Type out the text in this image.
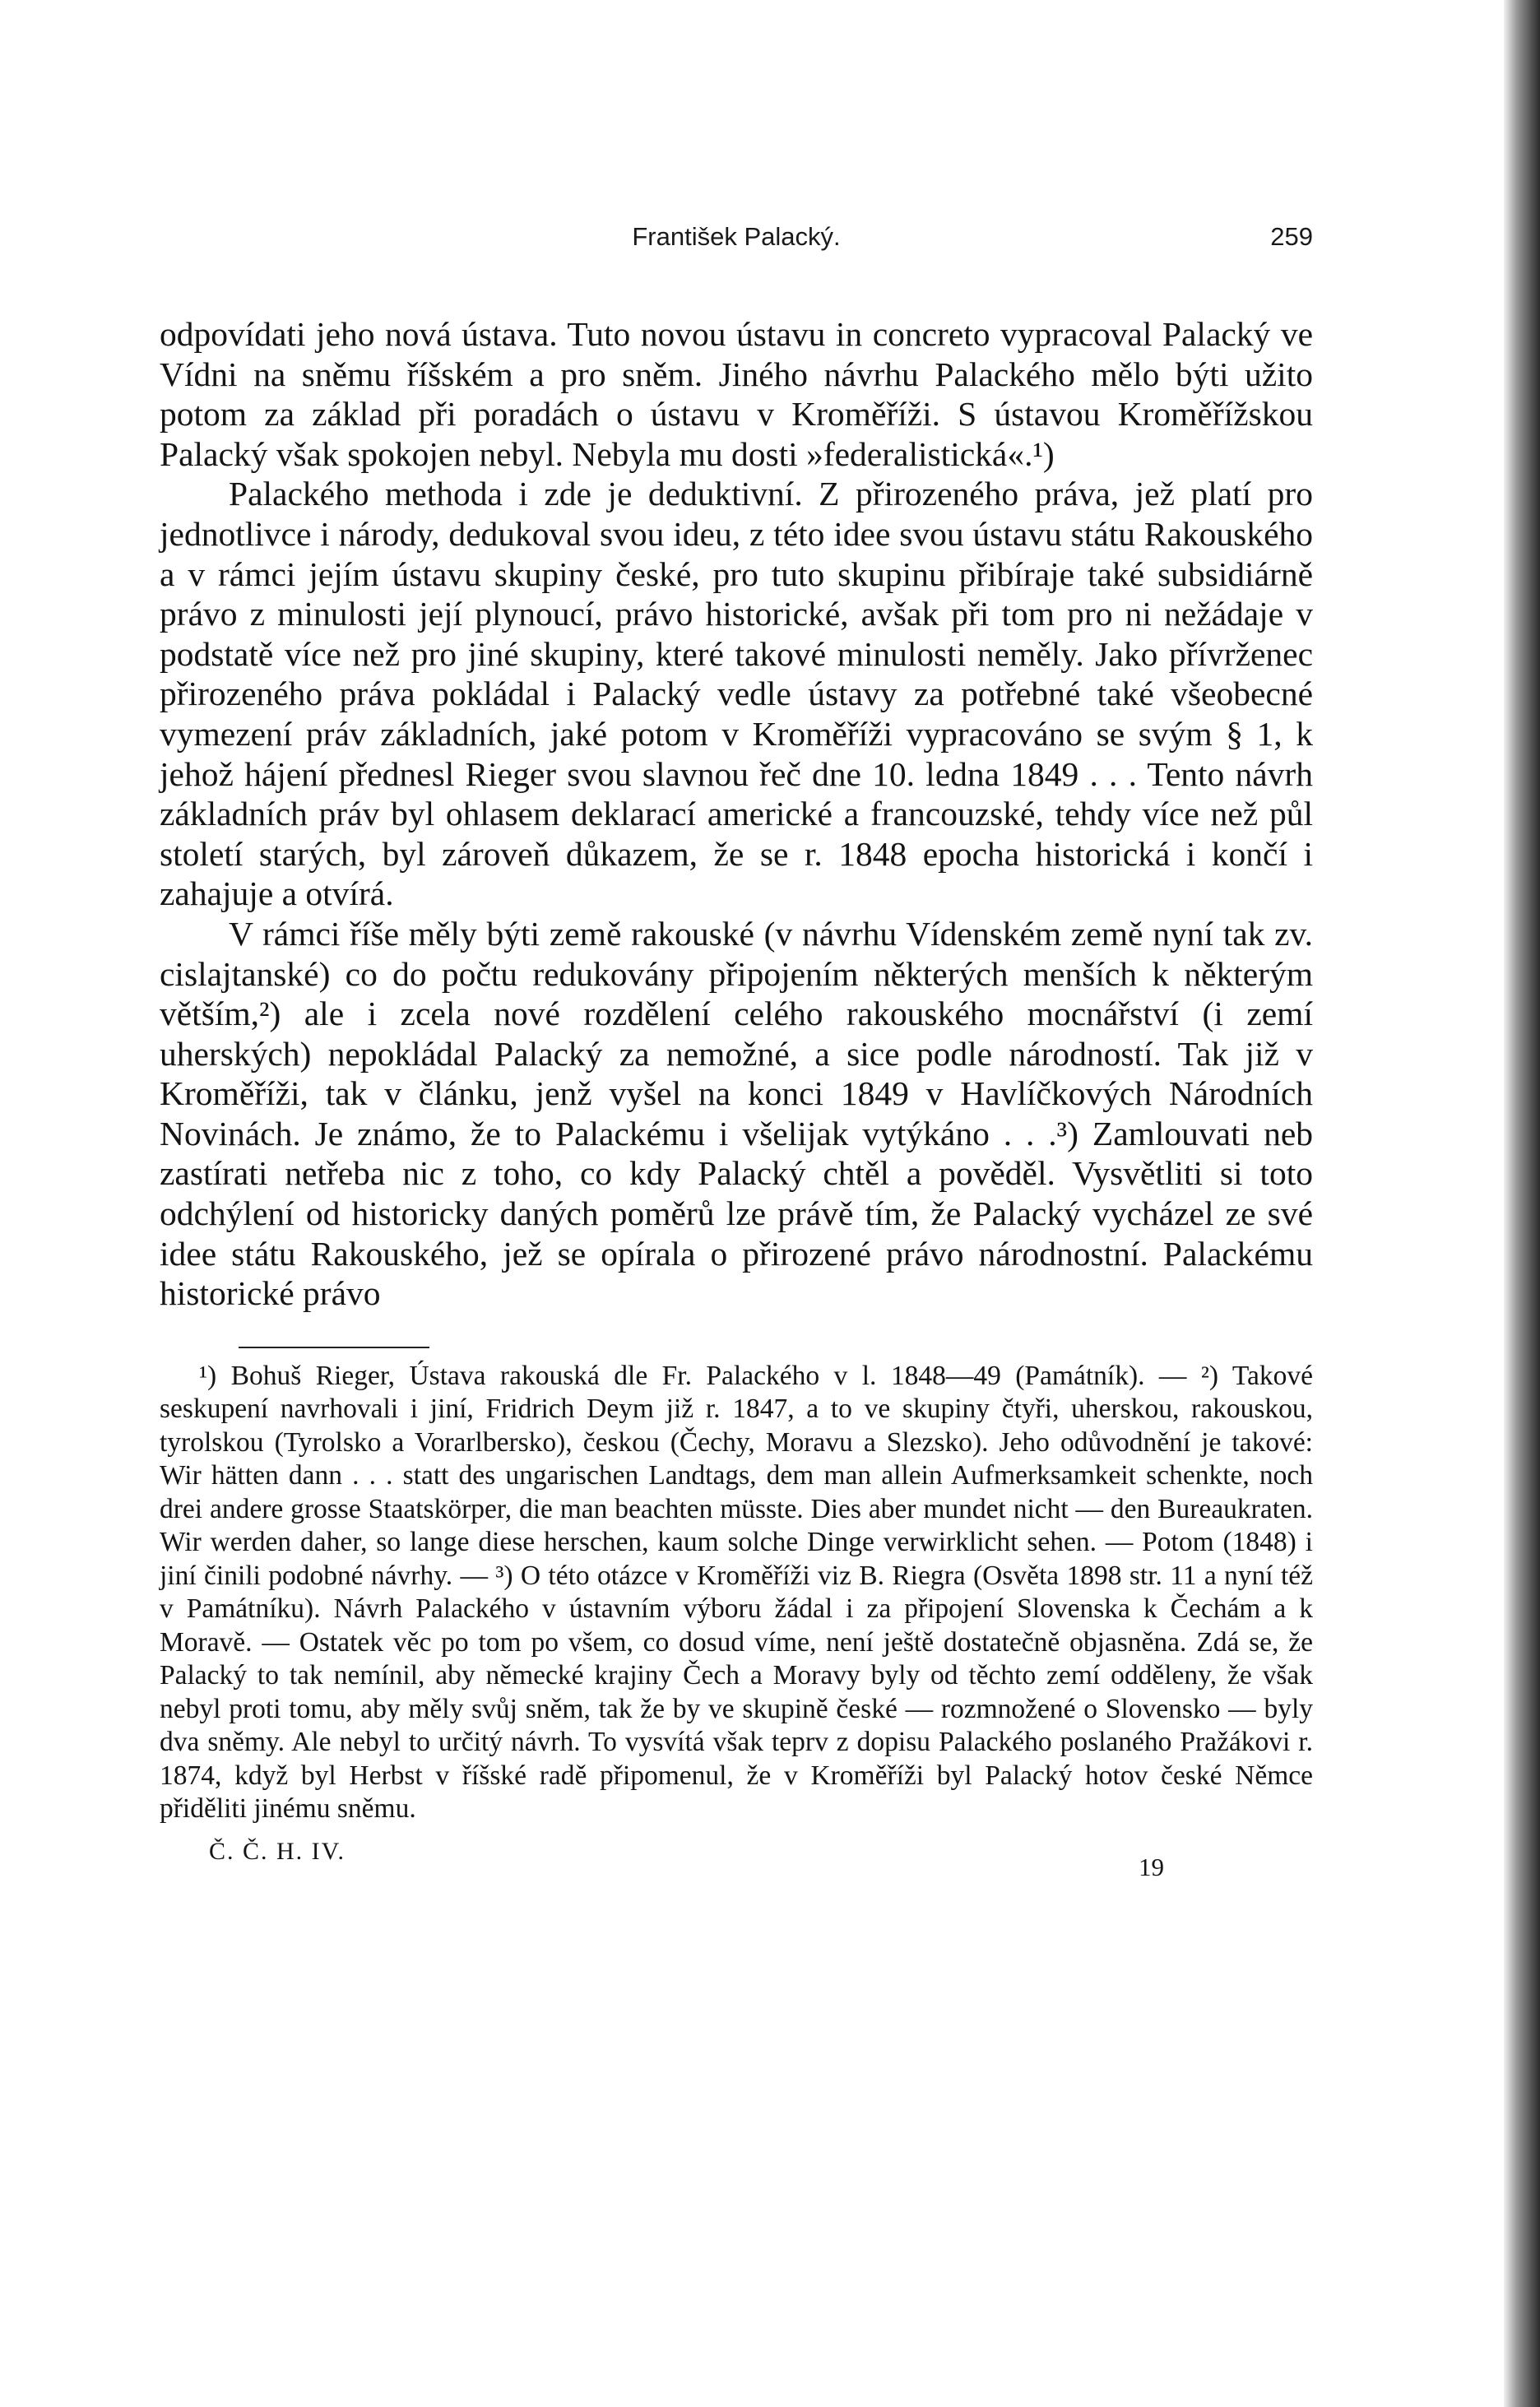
František Palacký.	259

odpovídati jeho nová ústava. Tuto novou ústavu in concreto vypracoval Palacký ve Vídni na sněmu říšském a pro sněm. Jiného návrhu Palackého mělo býti užito potom za základ při poradách o ústavu v Kroměříži. S ústavou Kroměřížskou Palacký však spokojen nebyl. Nebyla mu dosti »federalistická«.¹)

Palackého methoda i zde je deduktivní. Z přirozeného práva, jež platí pro jednotlivce i národy, dedukoval svou ideu, z této idee svou ústavu státu Rakouského a v rámci jejím ústavu skupiny české, pro tuto skupinu přibíraje také subsidiárně právo z minulosti její plynoucí, právo historické, avšak při tom pro ni nežádaje v podstatě více než pro jiné skupiny, které takové minulosti neměly. Jako přívrženec přirozeného práva pokládal i Palacký vedle ústavy za potřebné také všeobecné vymezení práv základních, jaké potom v Kroměříži vypracováno se svým § 1, k jehož hájení přednesl Rieger svou slavnou řeč dne 10. ledna 1849 . . . Tento návrh základních práv byl ohlasem deklarací americké a francouzské, tehdy více než půl století starých, byl zároveň důkazem, že se r. 1848 epocha historická i končí i zahajuje a otvírá.

V rámci říše měly býti země rakouské (v návrhu Vídenském země nyní tak zv. cislajtanské) co do počtu redukovány připojením některých menších k některým větším,²) ale i zcela nové rozdělení celého rakouského mocnářství (i zemí uherských) nepokládal Palacký za nemožné, a sice podle národností. Tak již v Kroměříži, tak v článku, jenž vyšel na konci 1849 v Havlíčkových Národních Novinách. Je známo, že to Palackému i všelijak vytýkáno . . .³) Zamlouvati neb zastírati netřeba nic z toho, co kdy Palacký chtěl a pověděl. Vysvětliti si toto odchýlení od historicky daných poměrů lze právě tím, že Palacký vycházel ze své idee státu Rakouského, jež se opírala o přirozené právo národnostní. Palackému historické právo

¹) Bohuš Rieger, Ústava rakouská dle Fr. Palackého v l. 1848—49 (Památník). — ²) Takové seskupení navrhovali i jiní, Fridrich Deym již r. 1847, a to ve skupiny čtyři, uherskou, rakouskou, tyrolskou (Tyrolsko a Vorarlbersko), českou (Čechy, Moravu a Slezsko). Jeho odůvodnění je takové: Wir hätten dann . . . statt des ungarischen Landtags, dem man allein Aufmerksamkeit schenkte, noch drei andere grosse Staatskörper, die man beachten müsste. Dies aber mundet nicht — den Bureaukraten. Wir werden daher, so lange diese herschen, kaum solche Dinge verwirklicht sehen. — Potom (1848) i jiní činili podobné návrhy. — ³) O této otázce v Kroměříži viz B. Riegra (Osvěta 1898 str. 11 a nyní též v Památníku). Návrh Palackého v ústavním výboru žádal i za připojení Slovenska k Čechám a k Moravě. — Ostatek věc po tom po všem, co dosud víme, není ještě dostatečně objasněna. Zdá se, že Palacký to tak nemínil, aby německé krajiny Čech a Moravy byly od těchto zemí odděleny, že však nebyl proti tomu, aby měly svůj sněm, tak že by ve skupině české — rozmnožené o Slovensko — byly dva sněmy. Ale nebyl to určitý návrh. To vysvítá však teprv z dopisu Palackého poslaného Pražákovi r. 1874, když byl Herbst v říšské radě připomenul, že v Kroměříži byl Palacký hotov české Němce přiděliti jinému sněmu.

Č. Č. H. IV.
19
